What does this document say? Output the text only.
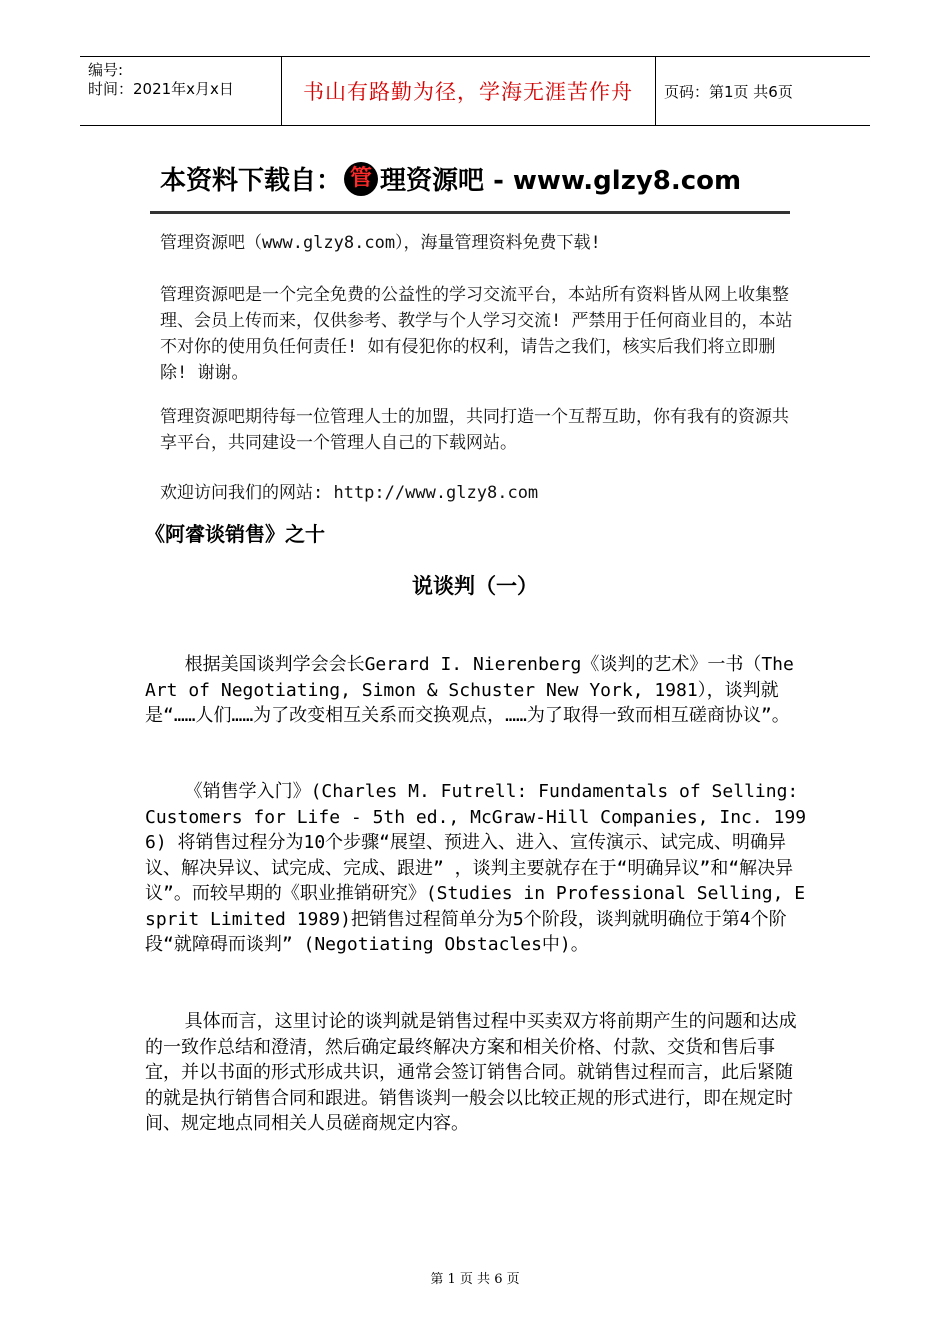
编号:
时间：2021年x月x日	书山有路勤为径，学海无涯苦作舟	页码：第1页 共6页
本资料下载自： 管 理资源吧 - www.glzy8.com
管理资源吧（www.glzy8.com），海量管理资料免费下载!
管理资源吧是一个完全免费的公益性的学习交流平台，本站所有资料皆从网上收集整理、会员上传而来，仅供参考、教学与个人学习交流! 严禁用于任何商业目的，本站不对你的使用负任何责任! 如有侵犯你的权利，请告之我们，核实后我们将立即删除! 谢谢。
管理资源吧期待每一位管理人士的加盟，共同打造一个互帮互助，你有我有的资源共享平台，共同建设一个管理人自己的下载网站。
欢迎访问我们的网站: http://www.glzy8.com
《阿睿谈销售》之十
说谈判（一）
根据美国谈判学会会长Gerard I. Nierenberg《谈判的艺术》一书（The Art of Negotiating, Simon & Schuster New York, 1981），谈判就是“……人们……为了改变相互关系而交换观点，……为了取得一致而相互磋商协议”。
《销售学入门》(Charles M. Futrell: Fundamentals of Selling: Customers for Life - 5th ed., McGraw-Hill Companies, Inc. 1996) 将销售过程分为10个步骤“展望、预进入、进入、宣传演示、试完成、明确异议、解决异议、试完成、完成、跟进” ，谈判主要就存在于“明确异议”和“解决异议”。而较早期的《职业推销研究》(Studies in Professional Selling, Esprit Limited 1989)把销售过程简单分为5个阶段，谈判就明确位于第4个阶段“就障碍而谈判” (Negotiating Obstacles中)。
具体而言，这里讨论的谈判就是销售过程中买卖双方将前期产生的问题和达成的一致作总结和澄清，然后确定最终解决方案和相关价格、付款、交货和售后事宜，并以书面的形式形成共识，通常会签订销售合同。就销售过程而言，此后紧随的就是执行销售合同和跟进。销售谈判一般会以比较正规的形式进行，即在规定时间、规定地点同相关人员磋商规定内容。
第 1 页 共 6 页
